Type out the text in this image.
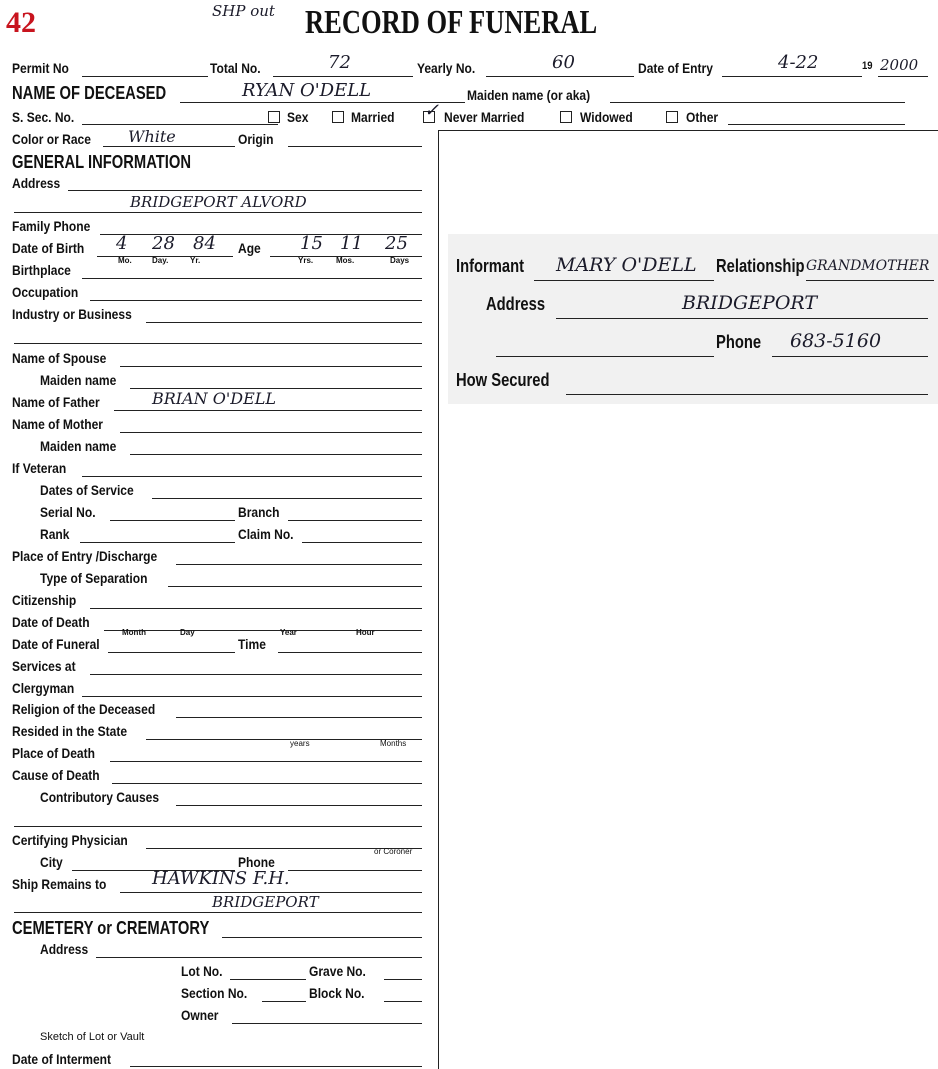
42	SHP out RECORD OF FUNERAL
Permit No	Total No.	72	Yearly No.	60	Date of Entry	4-22	19 2000
NAME OF DECEASED	RYAN O'DELL	Maiden name (or aka)
S. Sec. No.	Sex	Married ✓ Never Married	Widowed	Other
Color or Race White	Origin
GENERAL INFORMATION
Address
BRIDGEPORT ALVORD
Family Phone
Date of Birth 4 28 84
Mo.	Day.	Yr.
Age 15 11 25
Yrs.	Mos.	Days
Birthplace
Occupation
Industry or Business
Name of Spouse
Maiden name
Name of Father	BRIAN O'DELL
Name of Mother
Maiden name
If Veteran
Dates of Service
Serial No.	Branch
Rank	Claim No.
Place of Entry /Discharge
Type of Separation
Citizenship
Date of Death
Month	Day	Year	Hour
Date of Funeral	Time
Services at
Clergyman
Religion of the Deceased
Resided in the State
years	Months
Place of Death
Cause of Death
Contributory Causes
Certifying Physician
or Coroner
City	Phone
Ship Remains to	HAWKINS F.H.
BRIDGEPORT
CEMETERY or CREMATORY
Address
Lot No.	Grave No.
Section No.	Block No.
Owner
Sketch of Lot or Vault
Date of Interment
Informant MARY O'DELL Relationship GRANDMOTHER
Address	BRIDGEPORT
Phone 683-5160
How Secured
